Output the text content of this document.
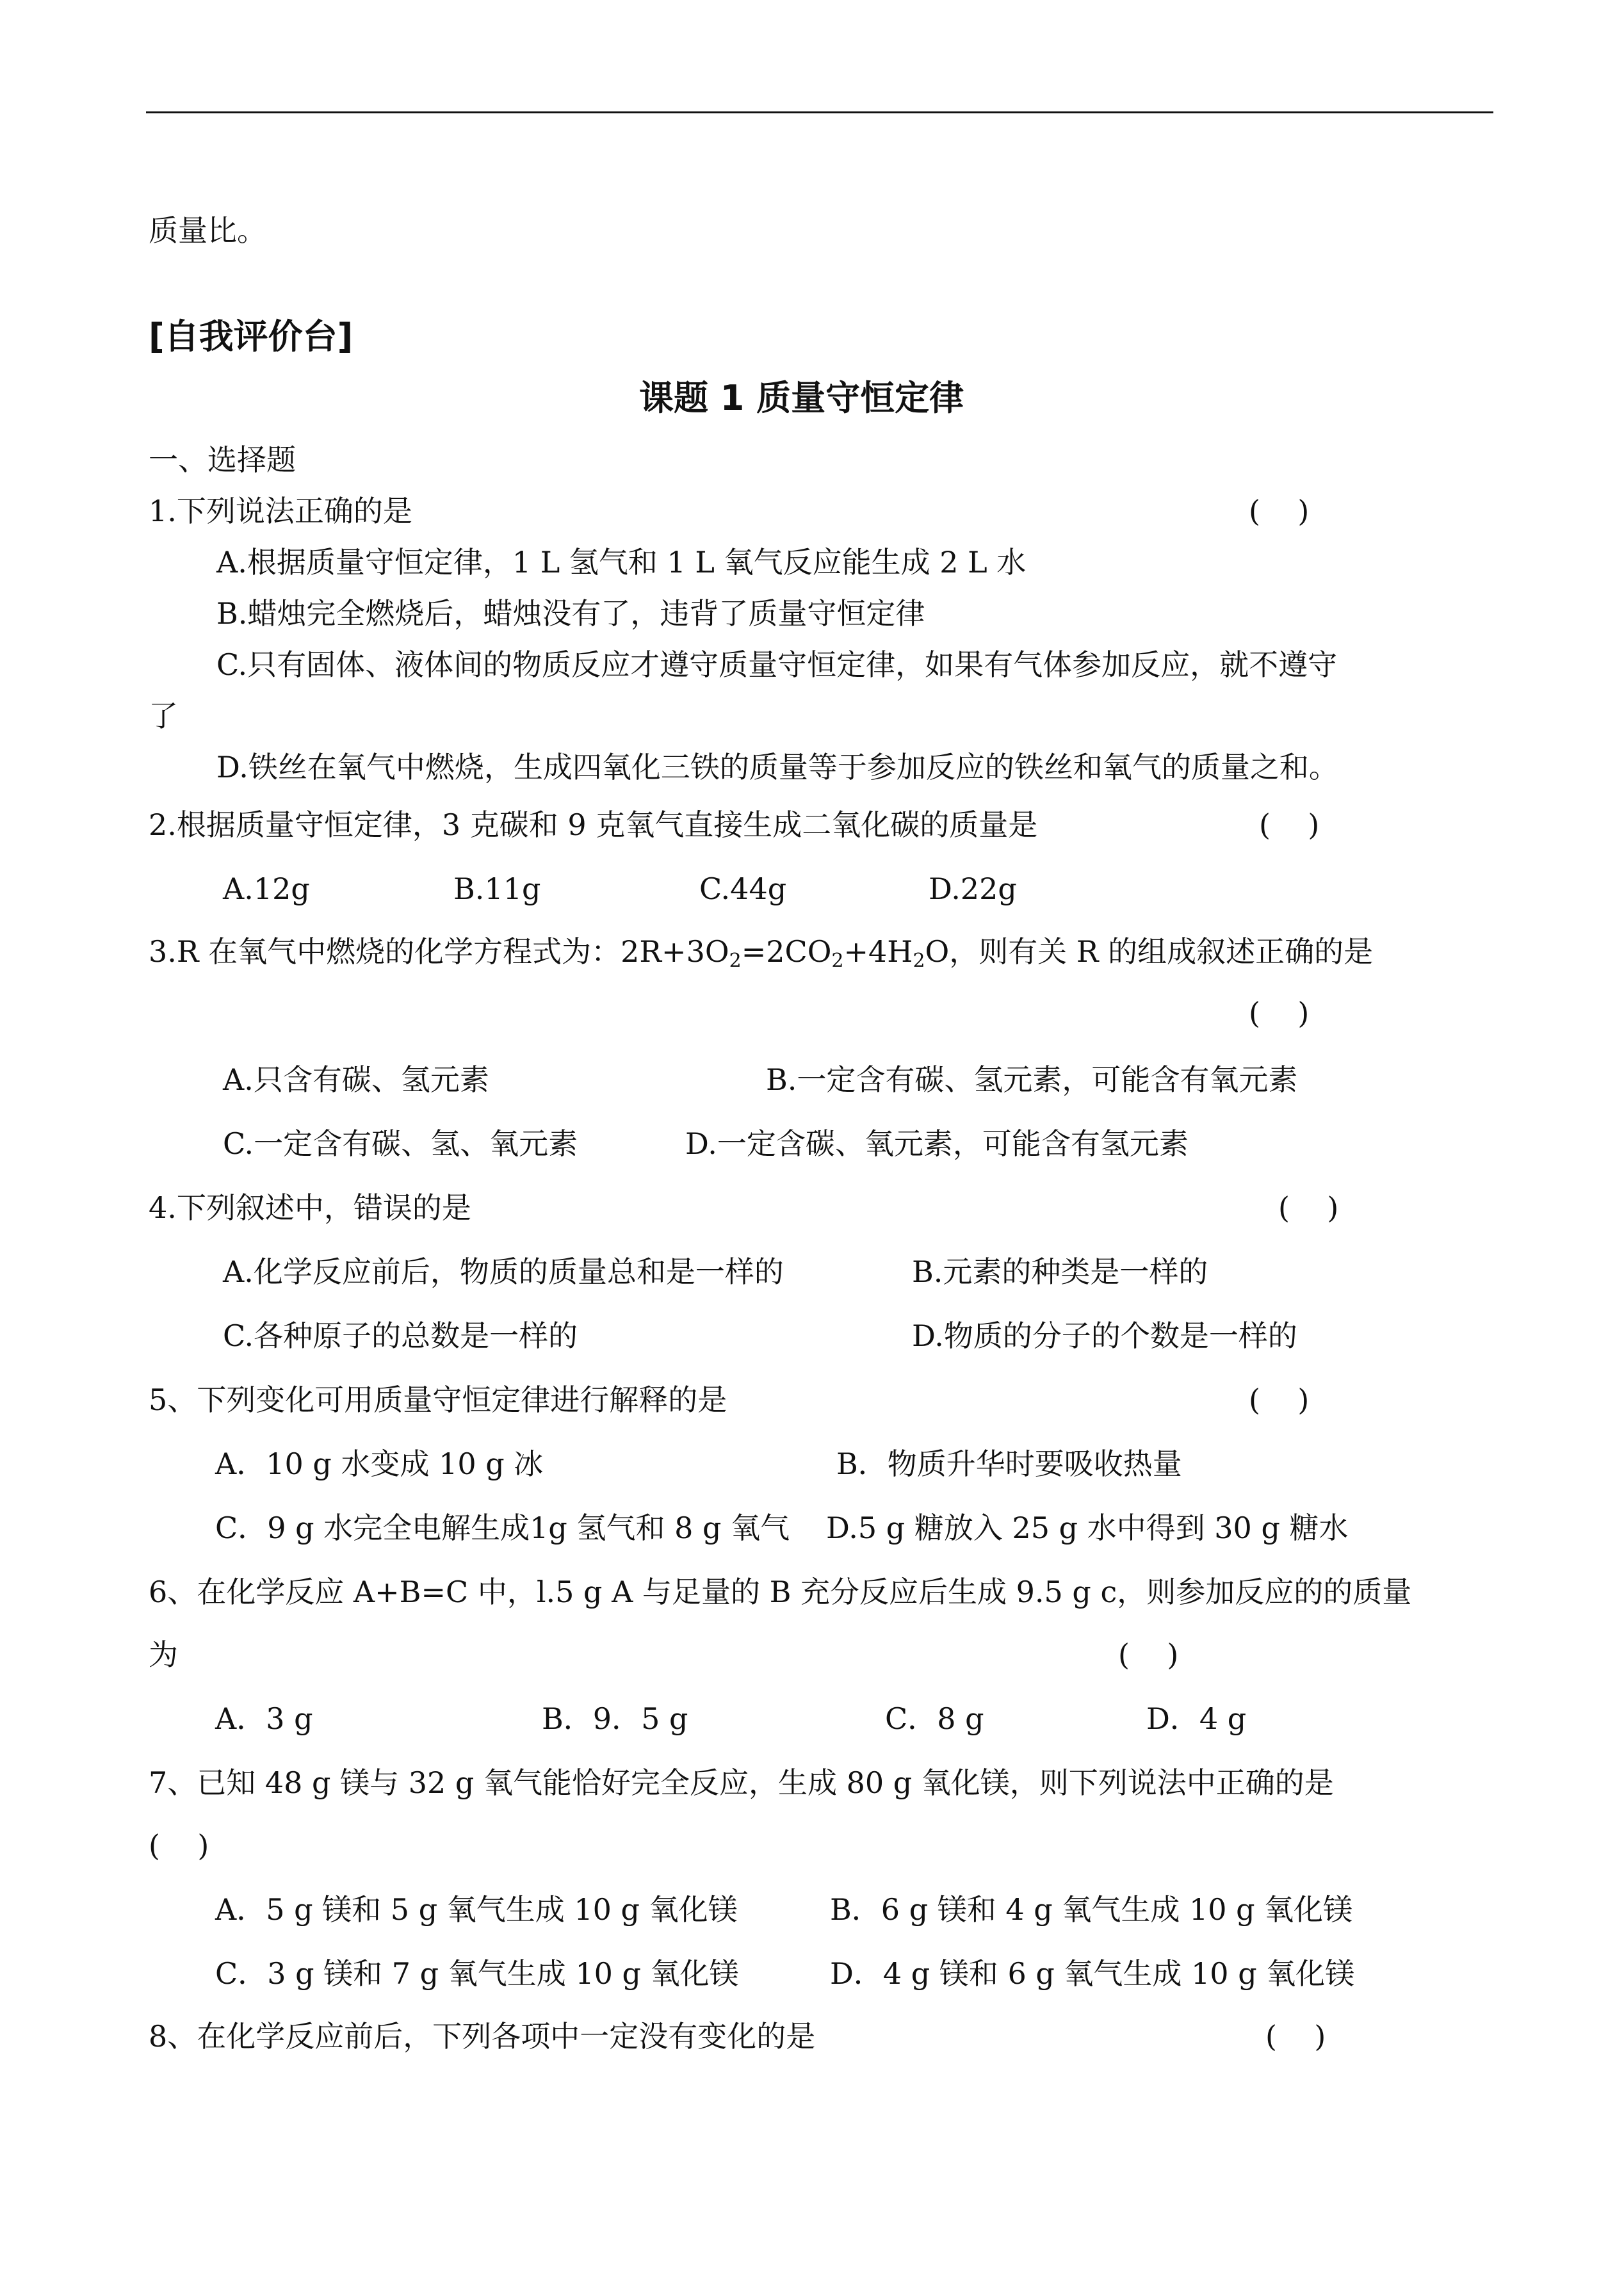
质量比。
[自我评价台]
课题 1 质量守恒定律
一、选择题
1.下列说法正确的是	(    )
A.根据质量守恒定律，1 L 氢气和 1 L 氧气反应能生成 2 L 水
B.蜡烛完全燃烧后，蜡烛没有了，违背了质量守恒定律
C.只有固体、液体间的物质反应才遵守质量守恒定律，如果有气体参加反应，就不遵守
了
D.铁丝在氧气中燃烧，生成四氧化三铁的质量等于参加反应的铁丝和氧气的质量之和。
2.根据质量守恒定律，3 克碳和 9 克氧气直接生成二氧化碳的质量是	(    )
A.12g	B.11g	C.44g	D.22g
3.R 在氧气中燃烧的化学方程式为：$2R+3O_2=2CO_2+4H_2O$，则有关 R 的组成叙述正确的是
(    )
A.只含有碳、氢元素	B.一定含有碳、氢元素，可能含有氧元素
C.一定含有碳、氢、氧元素	D.一定含碳、氧元素，可能含有氢元素
4.下列叙述中，错误的是	(    )
A.化学反应前后，物质的质量总和是一样的	B.元素的种类是一样的
C.各种原子的总数是一样的	D.物质的分子的个数是一样的
5、下列变化可用质量守恒定律进行解释的是	(    )
A．10 g 水变成 10 g 冰	B．物质升华时要吸收热量
C．9 g 水完全电解生成1g 氢气和 8 g 氧气 D.5 g 糖放入 25 g 水中得到 30 g 糖水
6、在化学反应 A+B=C 中，l.5 g A 与足量的 B 充分反应后生成 9.5 g c，则参加反应的的质量
为	(    )
A．3 g	B．9．5 g	C．8 g	D．4 g
7、已知 48 g 镁与 32 g 氧气能恰好完全反应，生成 80 g 氧化镁，则下列说法中正确的是
(    )
A．5 g 镁和 5 g 氧气生成 10 g 氧化镁	B．6 g 镁和 4 g 氧气生成 10 g 氧化镁
C．3 g 镁和 7 g 氧气生成 10 g 氧化镁	D．4 g 镁和 6 g 氧气生成 10 g 氧化镁
8、在化学反应前后，下列各项中一定没有变化的是	(    )
